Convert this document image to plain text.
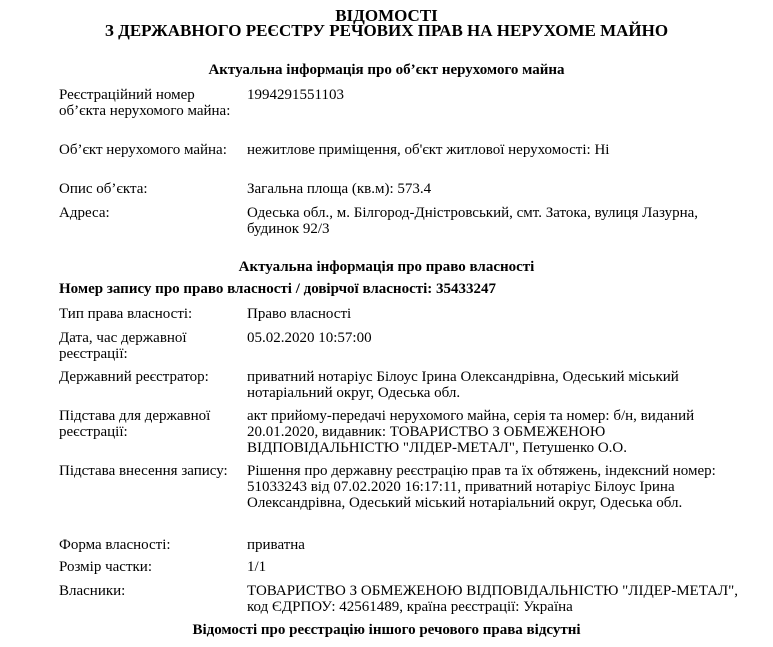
ВІДОМОСТІ
З ДЕРЖАВНОГО РЕЄСТРУ РЕЧОВИХ ПРАВ НА НЕРУХОМЕ МАЙНО
Актуальна інформація про об’єкт нерухомого майна
Реєстраційний номер об’єкта нерухомого майна:
1994291551103
Об’єкт нерухомого майна:	нежитлове приміщення, об'єкт житлової нерухомості: Ні
Опис об’єкта:	Загальна площа (кв.м): 573.4
Адреса:	Одеська обл., м. Білгород-Дністровський, смт. Затока, вулиця Лазурна, будинок 92/3
Актуальна інформація про право власності
Номер запису про право власності / довірчої власності: 35433247
Тип права власності:	Право власності
Дата, час державної реєстрації:
05.02.2020 10:57:00
Державний реєстратор:	приватний нотаріус Білоус Ірина Олександрівна, Одеський міський нотаріальний округ, Одеська обл.
Підстава для державної реєстрації:
акт прийому-передачі нерухомого майна, серія та номер: б/н, виданий 20.01.2020, видавник: ТОВАРИСТВО З ОБМЕЖЕНОЮ ВІДПОВІДАЛЬНІСТЮ "ЛІДЕР-МЕТАЛ", Петушенко О.О.
Підстава внесення запису:	Рішення про державну реєстрацію прав та їх обтяжень, індексний номер: 51033243 від 07.02.2020 16:17:11, приватний нотаріус Білоус Ірина Олександрівна, Одеський міський нотаріальний округ, Одеська обл.
Форма власності:	приватна
Розмір частки:	1/1
Власники:	ТОВАРИСТВО З ОБМЕЖЕНОЮ ВІДПОВІДАЛЬНІСТЮ "ЛІДЕР-МЕТАЛ", код ЄДРПОУ: 42561489, країна реєстрації: Україна
Відомості про реєстрацію іншого речового права відсутні
